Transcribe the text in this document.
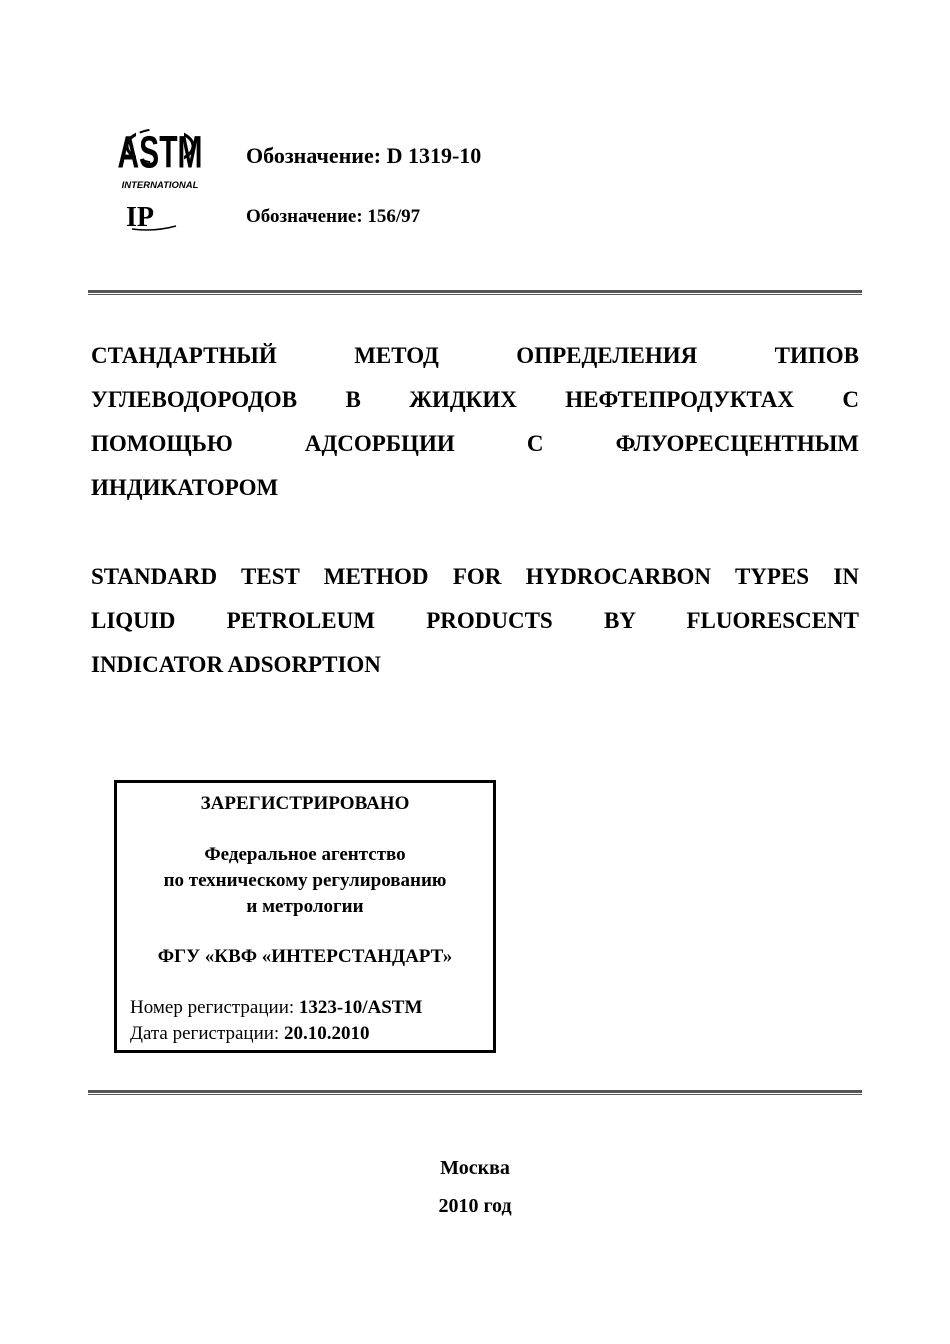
ASTM
INTERNATIONAL
Обозначение: D 1319-10
IP	Обозначение: 156/97
СТАНДАРТНЫЙ МЕТОД ОПРЕДЕЛЕНИЯ ТИПОВ
УГЛЕВОДОРОДОВ В ЖИДКИХ НЕФТЕПРОДУКТАХ С
ПОМОЩЬЮ АДСОРБЦИИ С ФЛУОРЕСЦЕНТНЫМ
ИНДИКАТОРОМ
STANDARD TEST METHOD FOR HYDROCARBON TYPES IN
LIQUID PETROLEUM PRODUCTS BY FLUORESCENT
INDICATOR ADSORPTION
ЗАРЕГИСТРИРОВАНО
Федеральное агентство
по техническому регулированию
и метрологии
ФГУ «КВФ «ИНТЕРСТАНДАРТ»
Номер регистрации: 1323-10/ASTM
Дата регистрации: 20.10.2010
Москва
2010 год
